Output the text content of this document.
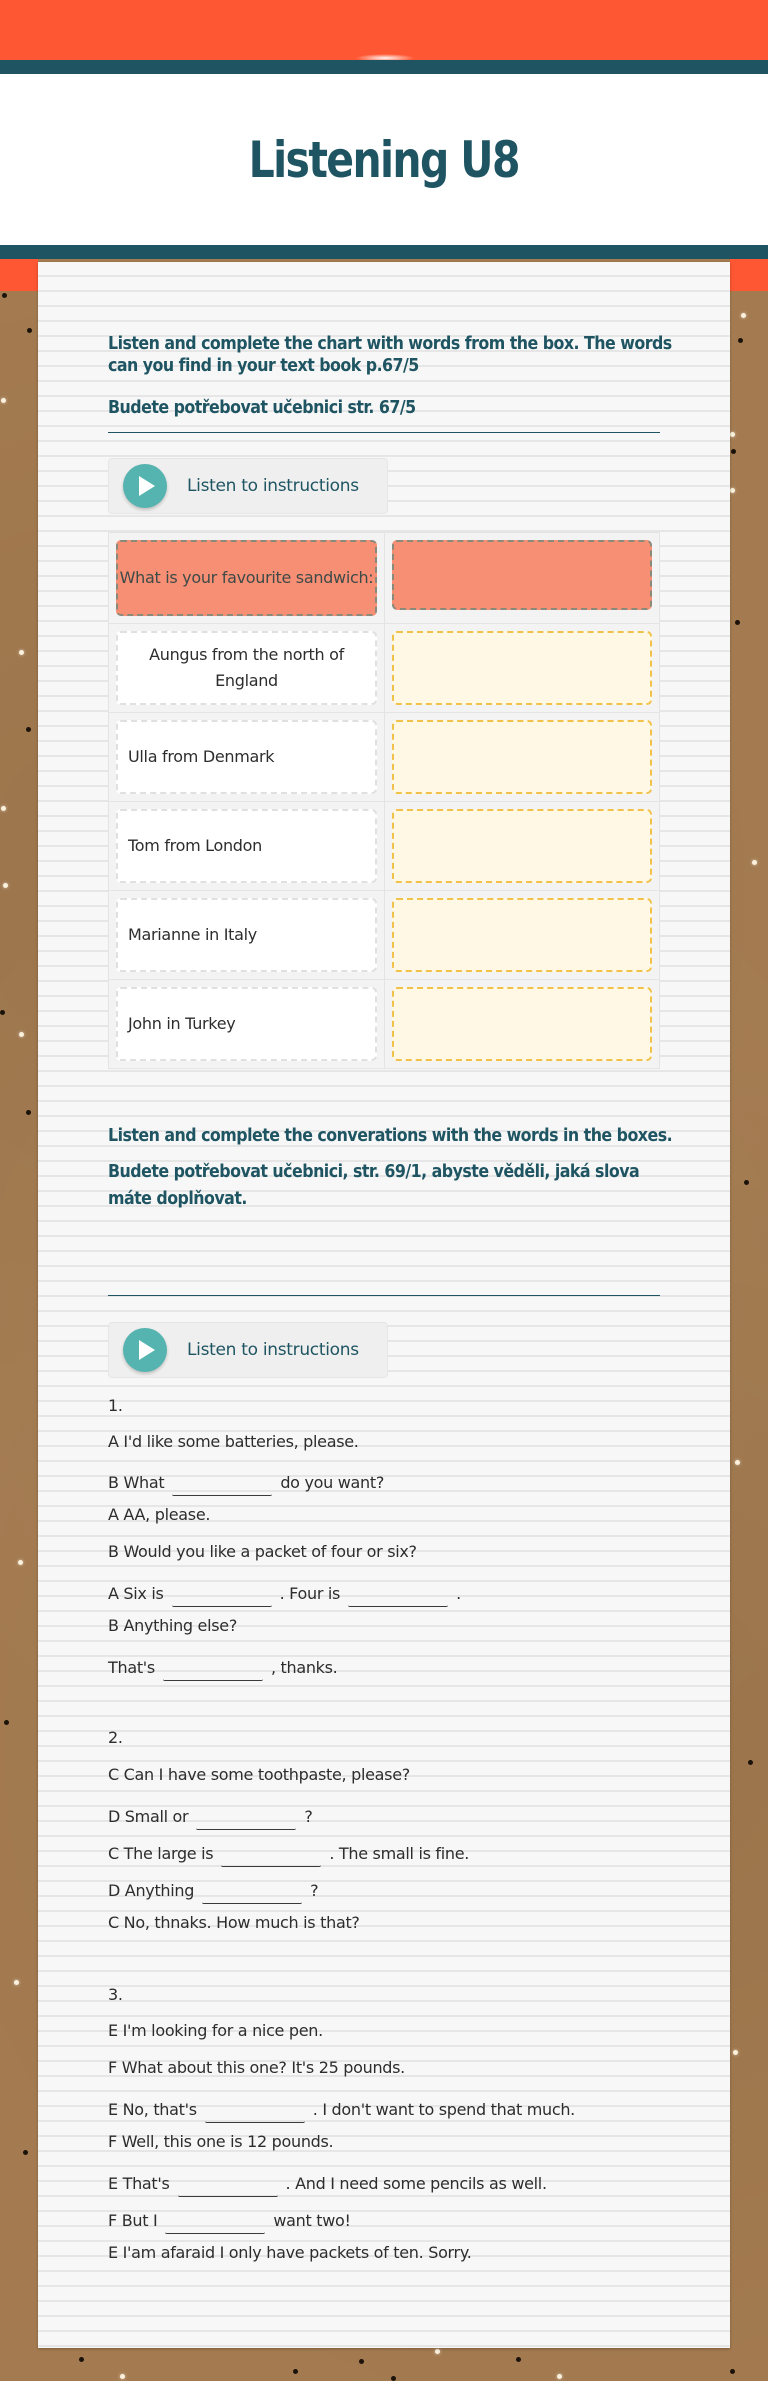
Listening U8
Listen and complete the chart with words from the box. The words
can you find in your text book p.67/5
Budete potřebovat učebnici str. 67/5
Listen to instructions
What is your favourite sandwich:
Aungus from the north of England
Ulla from Denmark
Tom from London
Marianne in Italy
John in Turkey
Listen and complete the converations with the words in the boxes.
Budete potřebovat učebnici, str. 69/1, abyste věděli, jaká slova
máte doplňovat.
Listen to instructions
1.
A I'd like some batteries, please.
B What	do you want?
A AA, please.
B Would you like a packet of four or six?
A Six is	. Four is	.
B Anything else?
That's	, thanks.
2.
C Can I have some toothpaste, please?
D Small or	?
C The large is	. The small is fine.
D Anything	?
C No, thnaks. How much is that?
3.
E I'm looking for a nice pen.
F What about this one? It's 25 pounds.
E No, that's	. I don't want to spend that much.
F Well, this one is 12 pounds.
E That's	. And I need some pencils as well.
F But I	want two!
E I'am afaraid I only have packets of ten. Sorry.
